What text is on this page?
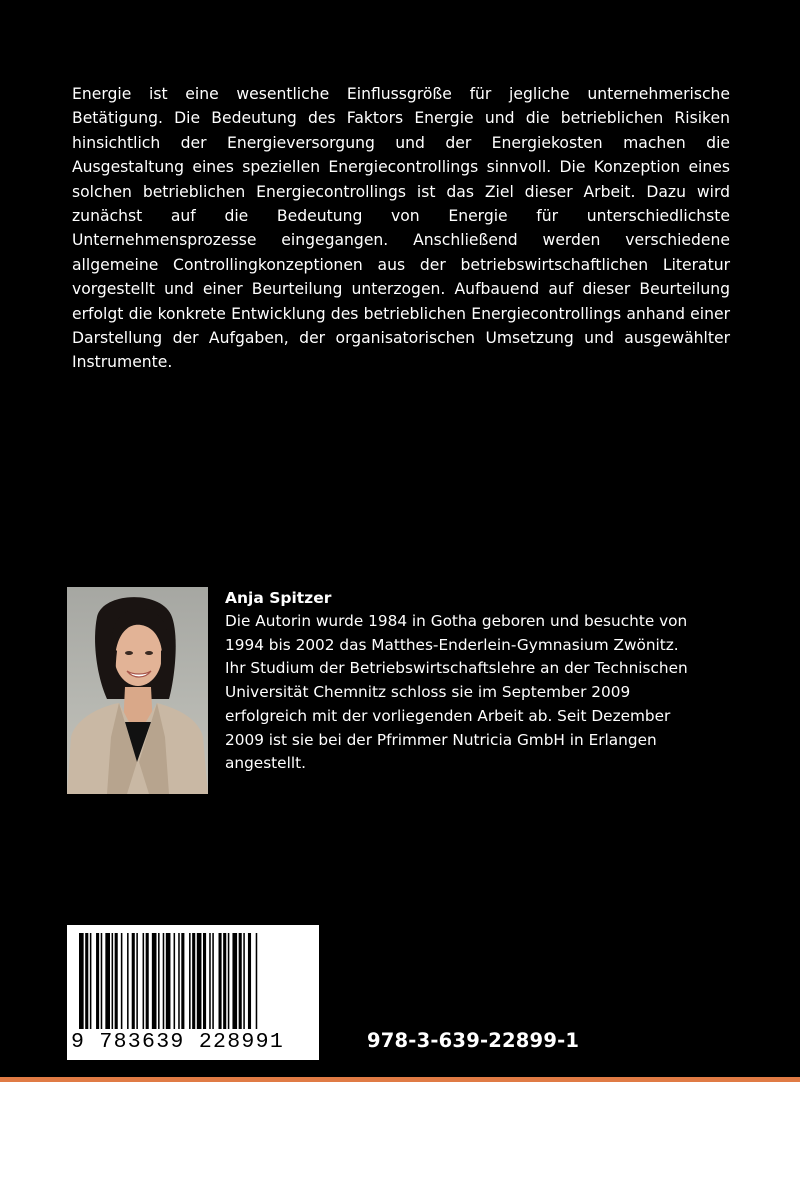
Energie ist eine wesentliche Einflussgröße für jegliche unternehmerische Betätigung. Die Bedeutung des Faktors Energie und die betrieblichen Risiken hinsichtlich der Energieversorgung und der Energiekosten machen die Ausgestaltung eines speziellen Energiecontrollings sinnvoll. Die Konzeption eines solchen betrieblichen Energiecontrollings ist das Ziel dieser Arbeit. Dazu wird zunächst auf die Bedeutung von Energie für unterschiedlichste Unternehmensprozesse eingegangen. Anschließend werden verschiedene allgemeine Controllingkonzeptionen aus der betriebswirtschaftlichen Literatur vorgestellt und einer Beurteilung unterzogen. Aufbauend auf dieser Beurteilung erfolgt die konkrete Entwicklung des betrieblichen Energiecontrollings anhand einer Darstellung der Aufgaben, der organisatorischen Umsetzung und ausgewählter Instrumente.

Anja Spitzer
Die Autorin wurde 1984 in Gotha geboren und besuchte von
1994 bis 2002 das Matthes-Enderlein-Gymnasium Zwönitz.
Ihr Studium der Betriebswirtschaftslehre an der Technischen
Universität Chemnitz schloss sie im September 2009
erfolgreich mit der vorliegenden Arbeit ab. Seit Dezember
2009 ist sie bei der Pfrimmer Nutricia GmbH in Erlangen
angestellt.
9 783639 228991	978-3-639-22899-1
